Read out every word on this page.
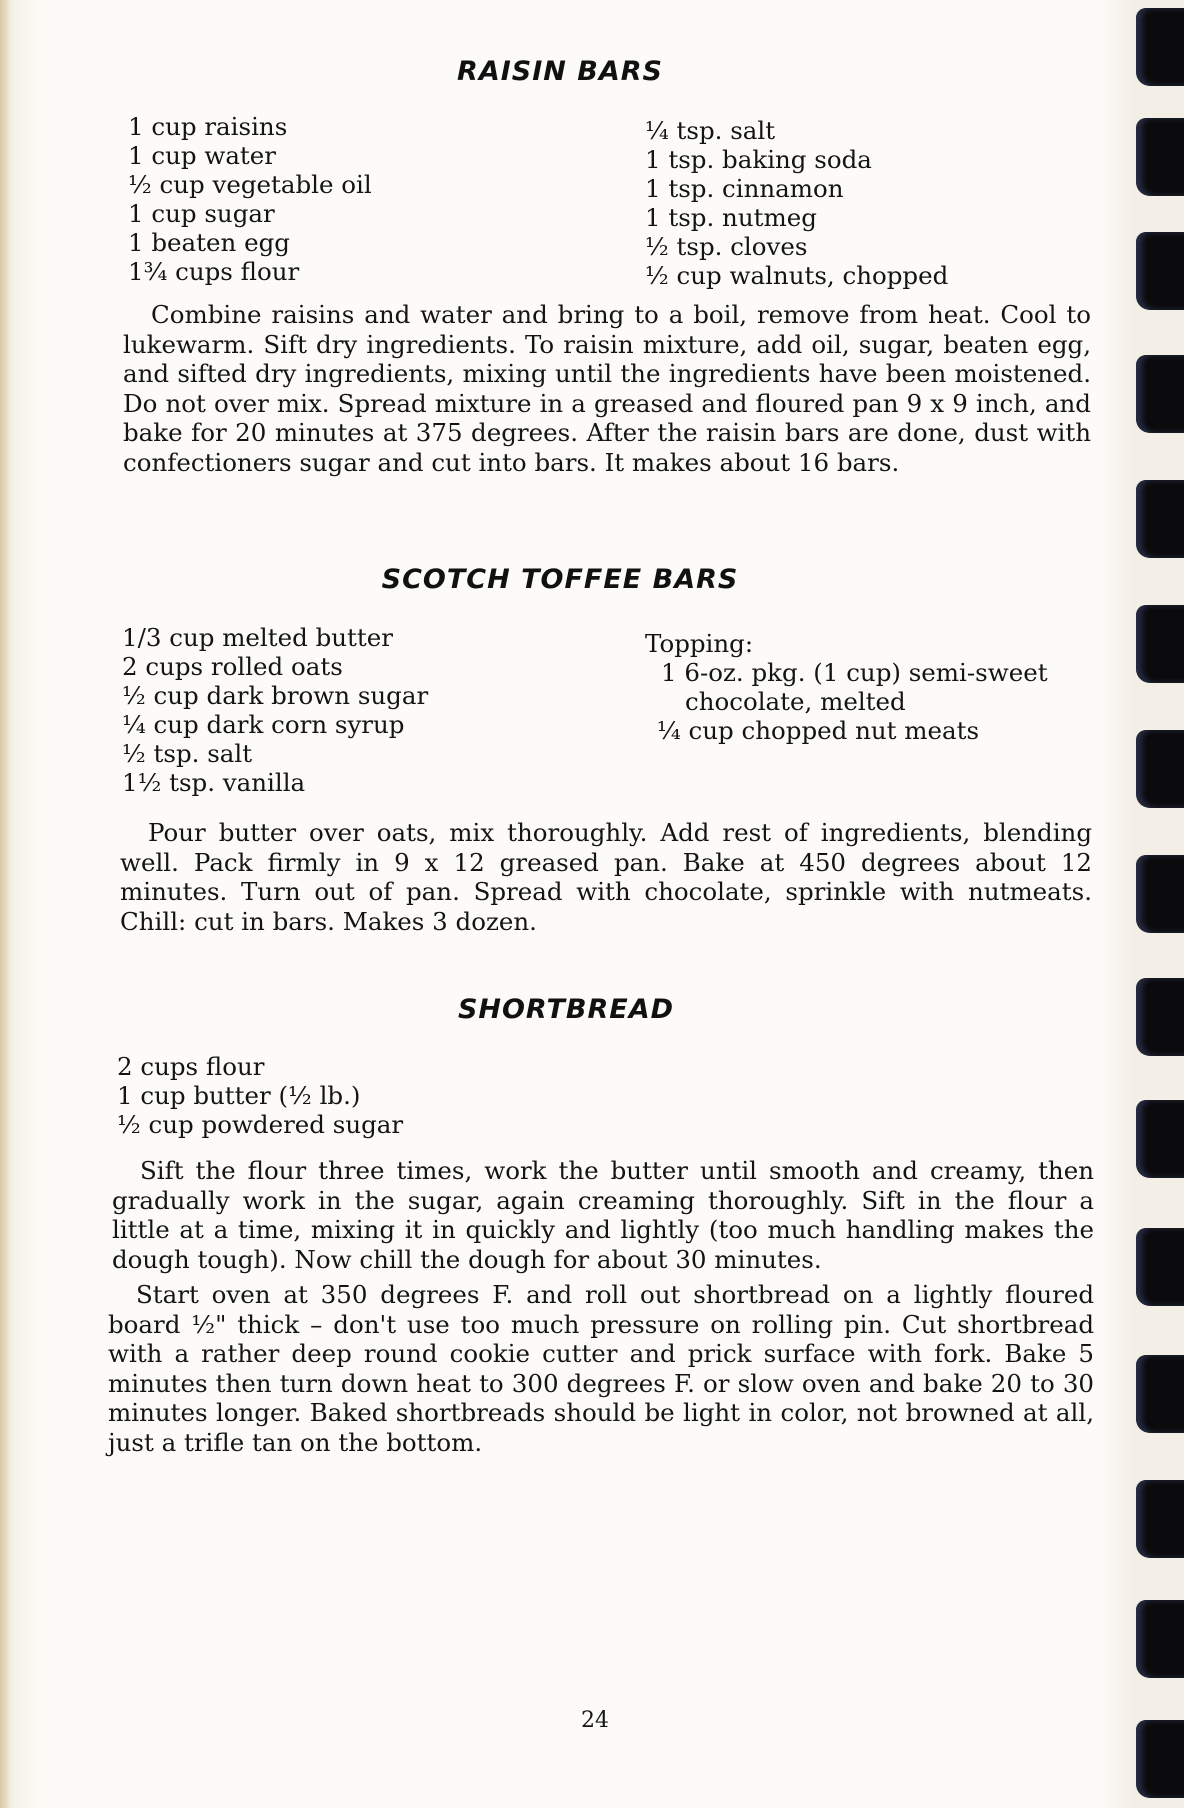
RAISIN BARS
1 cup raisins
1 cup water
½ cup vegetable oil
1 cup sugar
1 beaten egg
1¾ cups flour
¼ tsp. salt
1 tsp. baking soda
1 tsp. cinnamon
1 tsp. nutmeg
½ tsp. cloves
½ cup walnuts, chopped

Combine raisins and water and bring to a boil, remove from heat. Cool to lukewarm. Sift dry ingredients. To raisin mixture, add oil, sugar, beaten egg, and sifted dry ingredients, mixing until the ingredients have been moistened. Do not over mix. Spread mixture in a greased and floured pan 9 x 9 inch, and bake for 20 minutes at 375 degrees. After the raisin bars are done, dust with confectioners sugar and cut into bars. It makes about 16 bars.

SCOTCH TOFFEE BARS
1/3 cup melted butter
2 cups rolled oats
½ cup dark brown sugar
¼ cup dark corn syrup
½ tsp. salt
1½ tsp. vanilla
Topping:
1 6-oz. pkg. (1 cup) semi-sweet
chocolate, melted
¼ cup chopped nut meats

Pour butter over oats, mix thoroughly. Add rest of ingredients, blending well. Pack firmly in 9 x 12 greased pan. Bake at 450 degrees about 12 minutes. Turn out of pan. Spread with chocolate, sprinkle with nutmeats. Chill: cut in bars. Makes 3 dozen.

SHORTBREAD
2 cups flour
1 cup butter (½ lb.)
½ cup powdered sugar

Sift the flour three times, work the butter until smooth and creamy, then gradually work in the sugar, again creaming thoroughly. Sift in the flour a little at a time, mixing it in quickly and lightly (too much handling makes the dough tough). Now chill the dough for about 30 minutes.

Start oven at 350 degrees F. and roll out shortbread on a lightly floured board ½" thick – don't use too much pressure on rolling pin. Cut shortbread with a rather deep round cookie cutter and prick surface with fork. Bake 5 minutes then turn down heat to 300 degrees F. or slow oven and bake 20 to 30 minutes longer. Baked shortbreads should be light in color, not browned at all, just a trifle tan on the bottom.

24
